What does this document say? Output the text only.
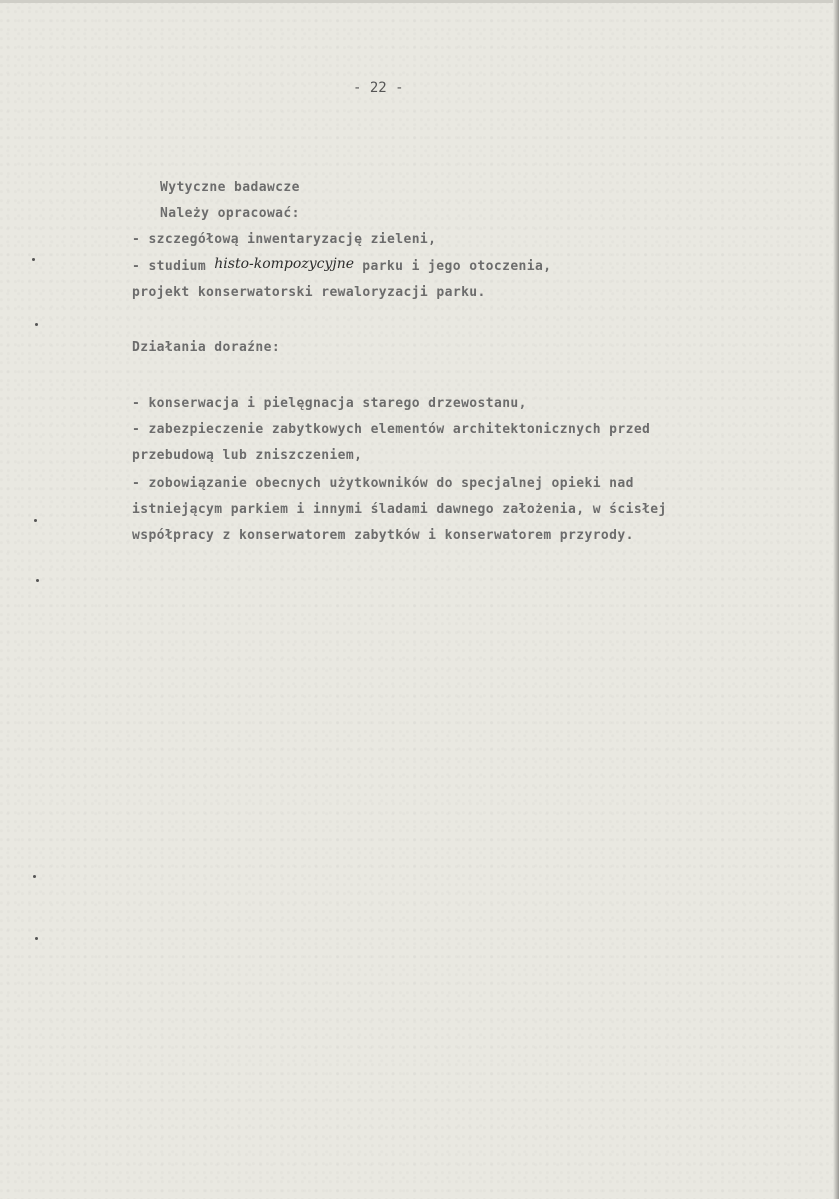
- 22 -
Wytyczne badawcze
Należy opracować:
- szczegółową inwentaryzację zieleni,
- studium histo-kompozycyjne parku i jego otoczenia,
projekt konserwatorski rewaloryzacji parku.
Działania doraźne:
- konserwacja i pielęgnacja starego drzewostanu,
- zabezpieczenie zabytkowych elementów architektonicznych przed
przebudową lub zniszczeniem,
- zobowiązanie obecnych użytkowników do specjalnej opieki nad
istniejącym parkiem i innymi śladami dawnego założenia, w ścisłej
współpracy z konserwatorem zabytków i konserwatorem przyrody.
